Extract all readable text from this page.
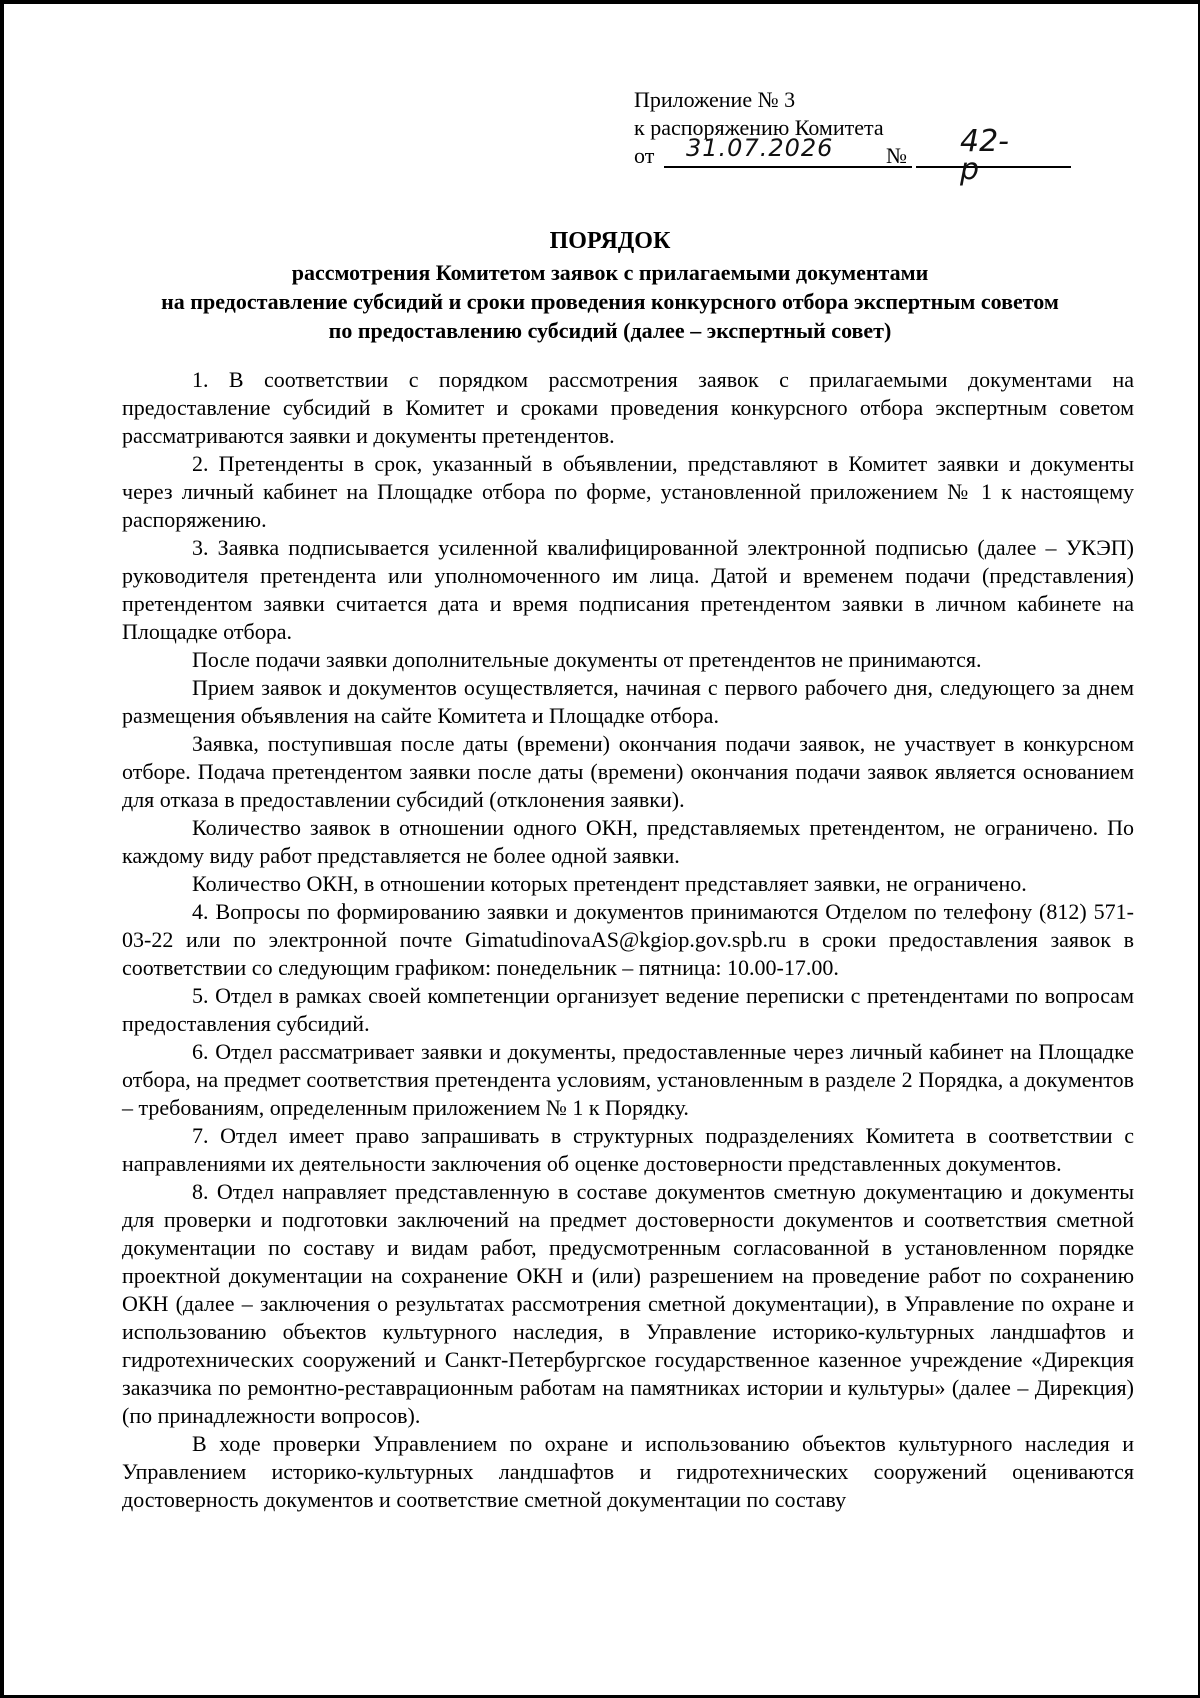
Приложение № 3
к распоряжению Комитета
от 31.07.2026 № 42-р
ПОРЯДОК
рассмотрения Комитетом заявок с прилагаемыми документами
на предоставление субсидий и сроки проведения конкурсного отбора экспертным советом
по предоставлению субсидий (далее – экспертный совет)

1. В соответствии с порядком рассмотрения заявок с прилагаемыми документами на предоставление субсидий в Комитет и сроками проведения конкурсного отбора экспертным советом рассматриваются заявки и документы претендентов.

2. Претенденты в срок, указанный в объявлении, представляют в Комитет заявки и документы через личный кабинет на Площадке отбора по форме, установленной приложением № 1 к настоящему распоряжению.

3. Заявка подписывается усиленной квалифицированной электронной подписью (далее – УКЭП) руководителя претендента или уполномоченного им лица. Датой и временем подачи (представления) претендентом заявки считается дата и время подписания претендентом заявки в личном кабинете на Площадке отбора.

После подачи заявки дополнительные документы от претендентов не принимаются.

Прием заявок и документов осуществляется, начиная с первого рабочего дня, следующего за днем размещения объявления на сайте Комитета и Площадке отбора.

Заявка, поступившая после даты (времени) окончания подачи заявок, не участвует в конкурсном отборе. Подача претендентом заявки после даты (времени) окончания подачи заявок является основанием для отказа в предоставлении субсидий (отклонения заявки).

Количество заявок в отношении одного ОКН, представляемых претендентом, не ограничено. По каждому виду работ представляется не более одной заявки.

Количество ОКН, в отношении которых претендент представляет заявки, не ограничено.

4. Вопросы по формированию заявки и документов принимаются Отделом по телефону (812) 571-03-22 или по электронной почте GimatudinovaAS@kgiop.gov.spb.ru в сроки предоставления заявок в соответствии со следующим графиком: понедельник – пятница: 10.00-17.00.

5. Отдел в рамках своей компетенции организует ведение переписки с претендентами по вопросам предоставления субсидий.

6. Отдел рассматривает заявки и документы, предоставленные через личный кабинет на Площадке отбора, на предмет соответствия претендента условиям, установленным в разделе 2 Порядка, а документов – требованиям, определенным приложением № 1 к Порядку.

7. Отдел имеет право запрашивать в структурных подразделениях Комитета в соответствии с направлениями их деятельности заключения об оценке достоверности представленных документов.

8. Отдел направляет представленную в составе документов сметную документацию и документы для проверки и подготовки заключений на предмет достоверности документов и соответствия сметной документации по составу и видам работ, предусмотренным согласованной в установленном порядке проектной документации на сохранение ОКН и (или) разрешением на проведение работ по сохранению ОКН (далее – заключения о результатах рассмотрения сметной документации), в Управление по охране и использованию объектов культурного наследия, в Управление историко-культурных ландшафтов и гидротехнических сооружений и Санкт-Петербургское государственное казенное учреждение «Дирекция заказчика по ремонтно-реставрационным работам на памятниках истории и культуры» (далее – Дирекция) (по принадлежности вопросов).

В ходе проверки Управлением по охране и использованию объектов культурного наследия и Управлением историко-культурных ландшафтов и гидротехнических сооружений оцениваются достоверность документов и соответствие сметной документации по составу
